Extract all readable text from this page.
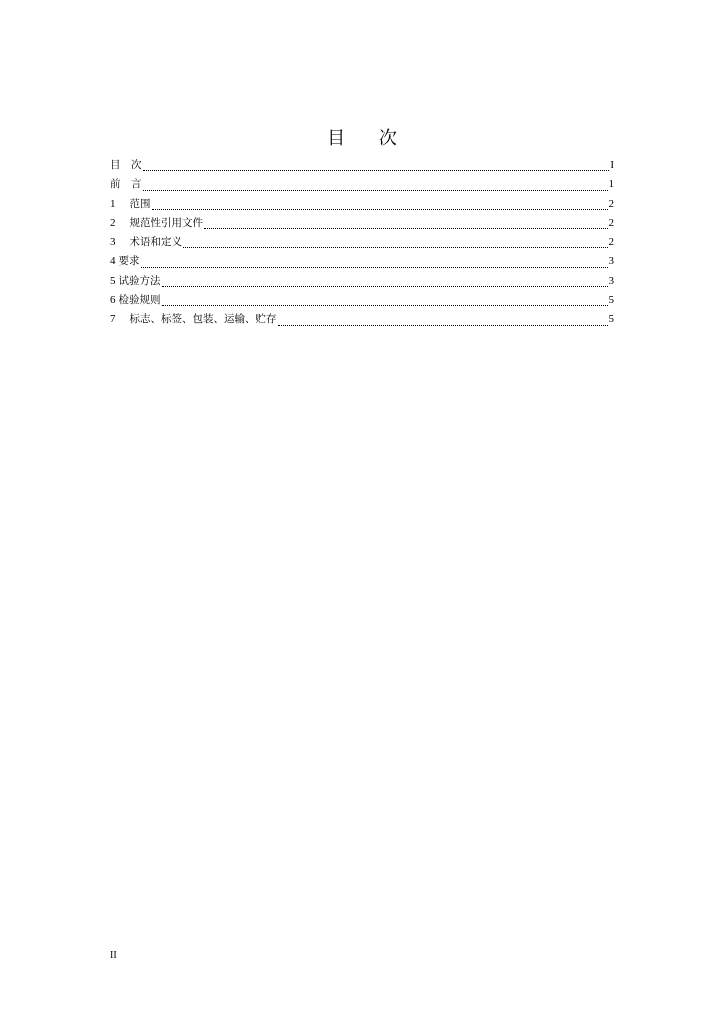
目 次
目　次	I
前　言	1
1 范围	2
2 规范性引用文件	2
3 术语和定义	2
4 要求	3
5 试验方法	3
6 检验规则	5
7 标志、标签、包装、运输、贮存	5
II
